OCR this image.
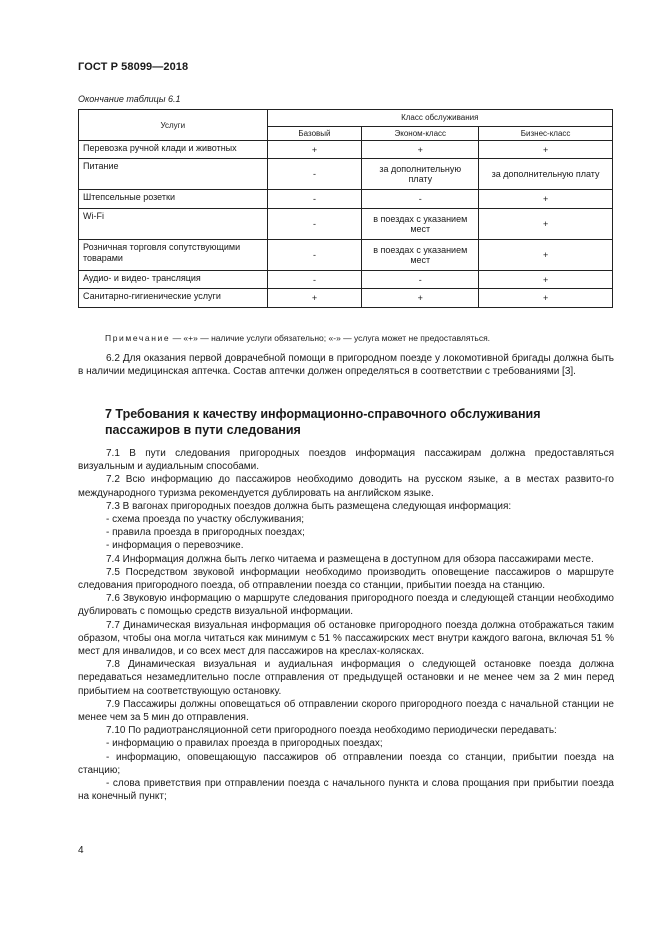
ГОСТ Р 58099—2018
Окончание таблицы 6.1
Услуги	Класс обслуживания		
	Базовый	Эконом-класс	Бизнес-класс
Перевозка ручной клади и животных	+	+	+
Питание	-	за дополнительную плату	за дополнительную плату
Штепсельные розетки	-	-	+
Wi-Fi	-	в поездах с указанием мест	+
Розничная торговля сопутствующими товарами	-	в поездах с указанием мест	+
Аудио- и видео- трансляция	-	-	+
Санитарно-гигиенические услуги	+	+	+
Примечание — «+» — наличие услуги обязательно; «-» — услуга может не предоставляться.
6.2 Для оказания первой доврачебной помощи в пригородном поезде у локомотивной бригады должна быть в наличии медицинская аптечка. Состав аптечки должен определяться в соответствии с требованиями [3].
7 Требования к качеству информационно-справочного обслуживания пассажиров в пути следования

7.1 В пути следования пригородных поездов информация пассажирам должна предоставляться визуальным и аудиальным способами.

7.2 Всю информацию до пассажиров необходимо доводить на русском языке, а в местах развито-го международного туризма рекомендуется дублировать на английском языке.

7.3 В вагонах пригородных поездов должна быть размещена следующая информация:

- схема проезда по участку обслуживания;

- правила проезда в пригородных поездах;

- информация о перевозчике.

7.4 Информация должна быть легко читаема и размещена в доступном для обзора пассажирами месте.

7.5 Посредством звуковой информации необходимо производить оповещение пассажиров о маршруте следования пригородного поезда, об отправлении поезда со станции, прибытии поезда на станцию.

7.6 Звуковую информацию о маршруте следования пригородного поезда и следующей станции необходимо дублировать с помощью средств визуальной информации.

7.7 Динамическая визуальная информация об остановке пригородного поезда должна отображаться таким образом, чтобы она могла читаться как минимум с 51 % пассажирских мест внутри каждого вагона, включая 51 % мест для инвалидов, и со всех мест для пассажиров на креслах-колясках.

7.8 Динамическая визуальная и аудиальная информация о следующей остановке поезда должна передаваться незамедлительно после отправления от предыдущей остановки и не менее чем за 2 мин перед прибытием на соответствующую остановку.

7.9 Пассажиры должны оповещаться об отправлении скорого пригородного поезда с начальной станции не менее чем за 5 мин до отправления.

7.10 По радиотрансляционной сети пригородного поезда необходимо периодически передавать:

- информацию о правилах проезда в пригородных поездах;

- информацию, оповещающую пассажиров об отправлении поезда со станции, прибытии поезда на станцию;

- слова приветствия при отправлении поезда с начального пункта и слова прощания при прибытии поезда на конечный пункт;

4
